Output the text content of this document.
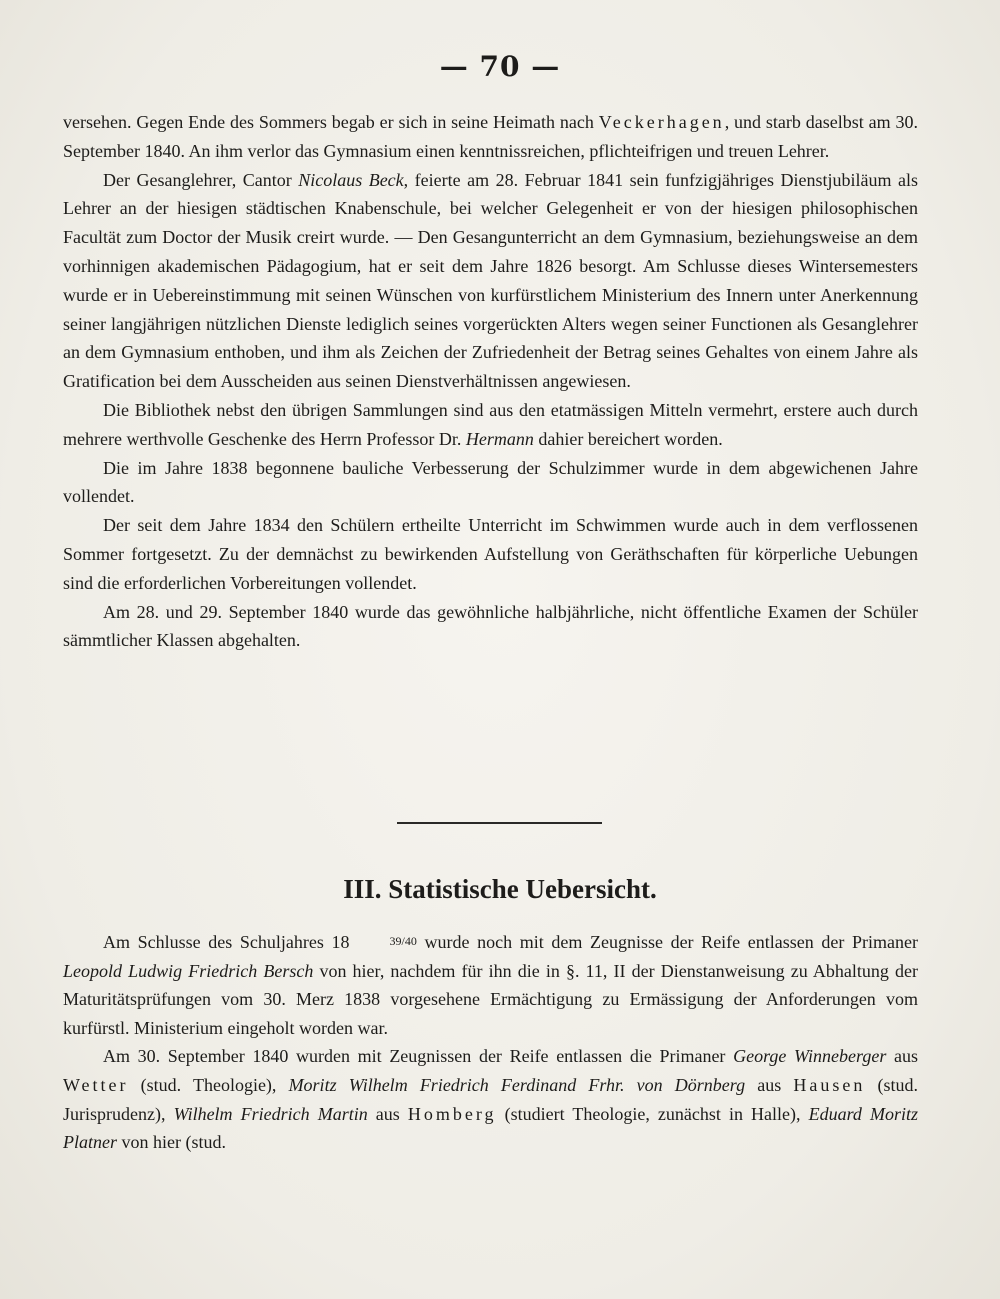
— 70 —

versehen. Gegen Ende des Sommers begab er sich in seine Heimath nach Veckerhagen, und starb daselbst am 30. September 1840. An ihm verlor das Gymnasium einen kenntnissreichen, pflichteifrigen und treuen Lehrer.

Der Gesanglehrer, Cantor Nicolaus Beck, feierte am 28. Februar 1841 sein funfzigjähriges Dienstjubiläum als Lehrer an der hiesigen städtischen Knabenschule, bei welcher Gelegenheit er von der hiesigen philosophischen Facultät zum Doctor der Musik creirt wurde. — Den Gesangunterricht an dem Gymnasium, beziehungsweise an dem vorhinnigen akademischen Pädagogium, hat er seit dem Jahre 1826 besorgt. Am Schlusse dieses Wintersemesters wurde er in Uebereinstimmung mit seinen Wünschen von kurfürstlichem Ministerium des Innern unter Anerkennung seiner langjährigen nützlichen Dienste lediglich seines vorgerückten Alters wegen seiner Functionen als Gesanglehrer an dem Gymnasium enthoben, und ihm als Zeichen der Zufriedenheit der Betrag seines Gehaltes von einem Jahre als Gratification bei dem Ausscheiden aus seinen Dienstverhältnissen angewiesen.

Die Bibliothek nebst den übrigen Sammlungen sind aus den etatmässigen Mitteln vermehrt, erstere auch durch mehrere werthvolle Geschenke des Herrn Professor Dr. Hermann dahier bereichert worden.

Die im Jahre 1838 begonnene bauliche Verbesserung der Schulzimmer wurde in dem abgewichenen Jahre vollendet.

Der seit dem Jahre 1834 den Schülern ertheilte Unterricht im Schwimmen wurde auch in dem verflossenen Sommer fortgesetzt. Zu der demnächst zu bewirkenden Aufstellung von Geräthschaften für körperliche Uebungen sind die erforderlichen Vorbereitungen vollendet.

Am 28. und 29. September 1840 wurde das gewöhnliche halbjährliche, nicht öffentliche Examen der Schüler sämmtlicher Klassen abgehalten.

III. Statistische Uebersicht.

Am Schlusse des Schuljahres 18	39/40 wurde noch mit dem Zeugnisse der Reife entlassen der Primaner Leopold Ludwig Friedrich Bersch von hier, nachdem für ihn die in §. 11, II der Dienstanweisung zu Abhaltung der Maturitätsprüfungen vom 30. Merz 1838 vorgesehene Ermächtigung zu Ermässigung der Anforderungen vom kurfürstl. Ministerium eingeholt worden war.

Am 30. September 1840 wurden mit Zeugnissen der Reife entlassen die Primaner George Winneberger aus Wetter (stud. Theologie), Moritz Wilhelm Friedrich Ferdinand Frhr. von Dörnberg aus Hausen (stud. Jurisprudenz), Wilhelm Friedrich Martin aus Homberg (studiert Theologie, zunächst in Halle), Eduard Moritz Platner von hier (stud.
